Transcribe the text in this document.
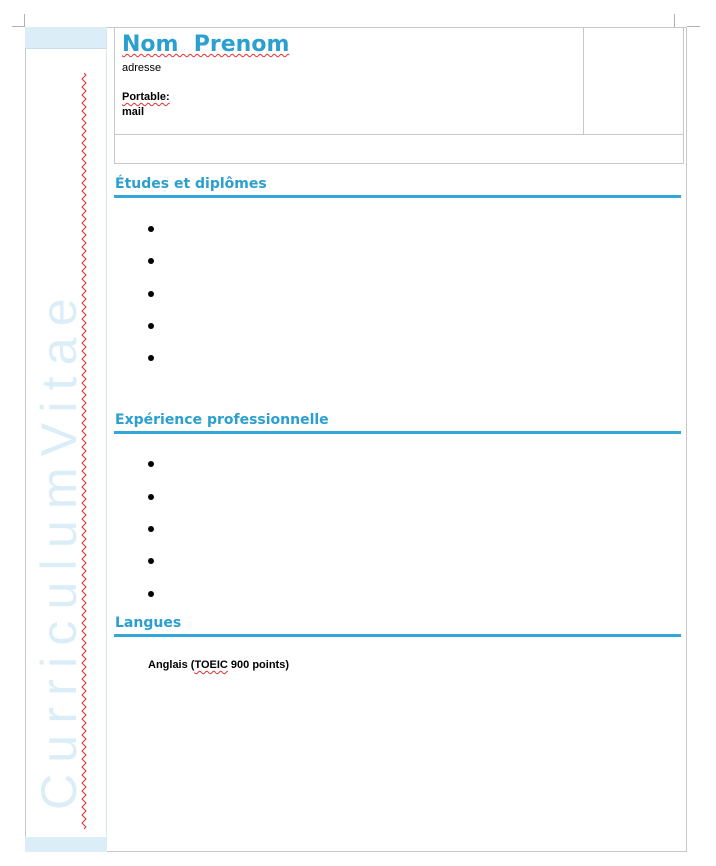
CurriculumVitae
Nom  Prenom
adresse
Portable:
mail
Études et diplômes
Expérience professionnelle
Langues
Anglais (TOEIC 900 points)
